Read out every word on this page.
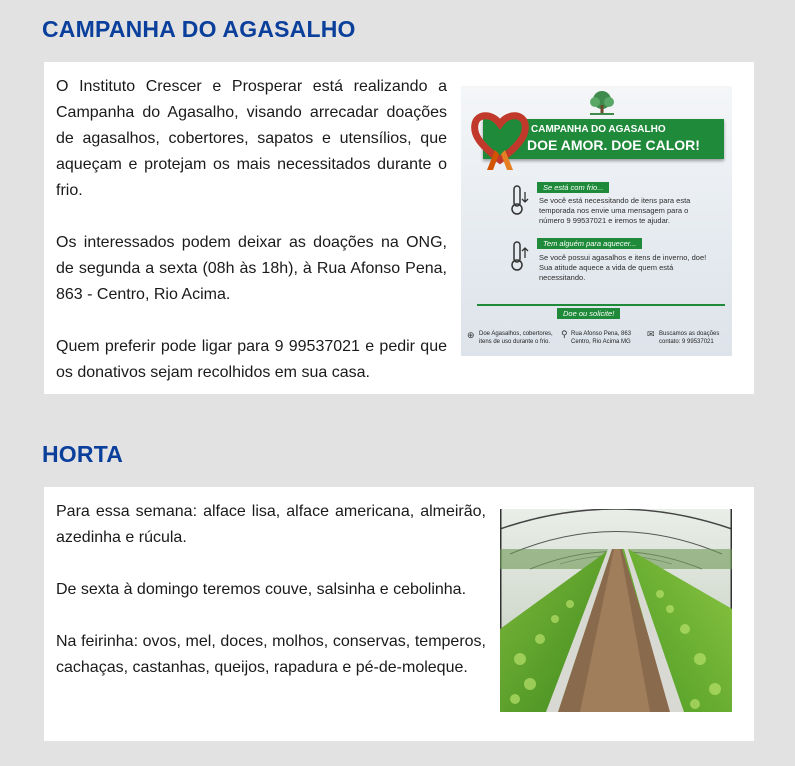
CAMPANHA DO AGASALHO

O Instituto Crescer e Prosperar está realizando a Campanha do Agasalho, visando arrecadar doações de agasalhos, cobertores, sapatos e utensílios, que aqueçam e protejam os mais necessitados durante o frio.

Os interessados podem deixar as doações na ONG, de segunda a sexta (08h às 18h), à Rua Afonso Pena, 863 - Centro, Rio Acima.

Quem preferir pode ligar para 9 99537021 e pedir que os donativos sejam recolhidos em sua casa.

CAMPANHA DO AGASALHO
DOE AMOR. DOE CALOR!
Se está com frio...
Se você está necessitando de itens para esta temporada nos envie uma mensagem para o número 9 99537021 e iremos te ajudar.
Tem alguém para aquecer...
Se você possui agasalhos e itens de inverno, doe! Sua atitude aquece a vida de quem está necessitando.
Doe ou solicite!
⊕ Doe Agasalhos, cobertores, itens de uso durante o frio.
⚲ Rua Afonso Pena, 863 Centro, Rio Acima MG
✉ Buscamos as doações contato: 9 99537021
HORTA

Para essa semana: alface lisa, alface americana, almeirão, azedinha e rúcula.

De sexta à domingo teremos couve, salsinha e cebolinha.

Na feirinha: ovos, mel, doces, molhos, conservas, temperos, cachaças, castanhas, queijos, rapadura e pé-de-moleque.
